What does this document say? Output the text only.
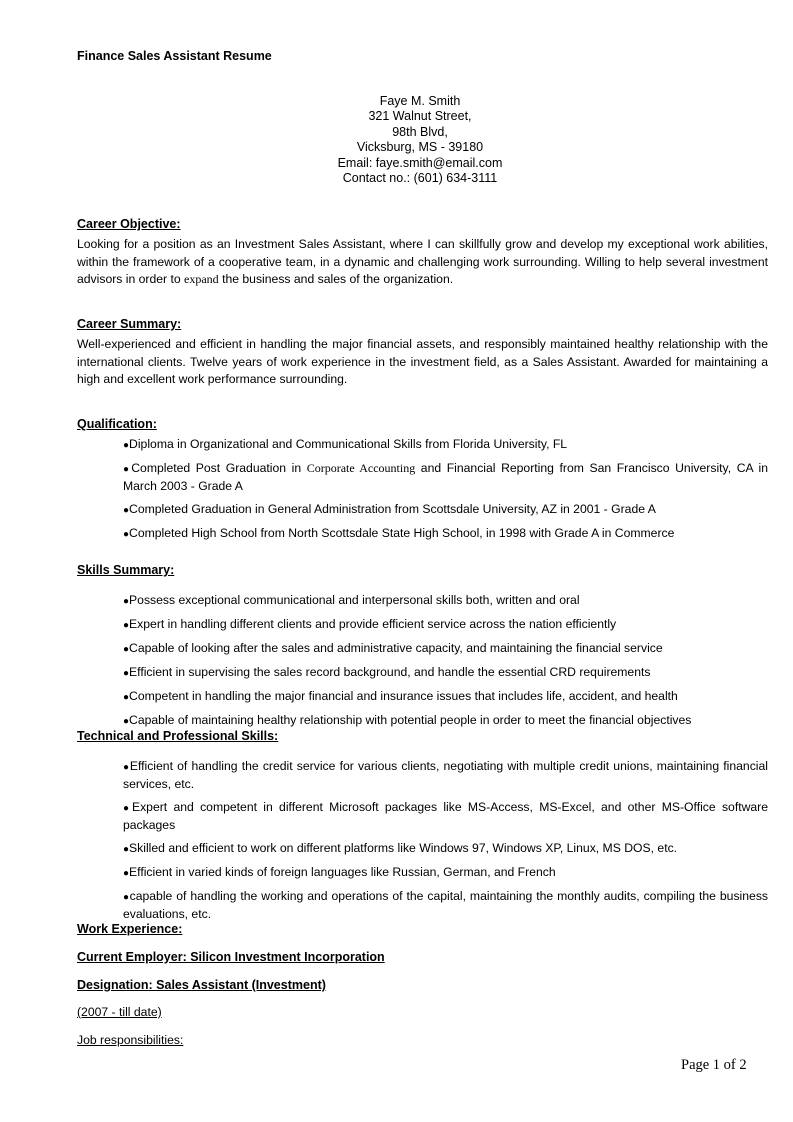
Finance Sales Assistant Resume
Faye M. Smith
321 Walnut Street,
98th Blvd,
Vicksburg, MS - 39180
Email: faye.smith@email.com
Contact no.: (601) 634-3111
Career Objective:
Looking for a position as an Investment Sales Assistant, where I can skillfully grow and develop my exceptional work abilities, within the framework of a cooperative team, in a dynamic and challenging work surrounding. Willing to help several investment advisors in order to expand the business and sales of the organization.
Career Summary:
Well-experienced and efficient in handling the major financial assets, and responsibly maintained healthy relationship with the international clients. Twelve years of work experience in the investment field, as a Sales Assistant. Awarded for maintaining a high and excellent work performance surrounding.
Qualification:
●Diploma in Organizational and Communicational Skills from Florida University, FL
●Completed Post Graduation in Corporate Accounting and Financial Reporting from San Francisco University, CA in March 2003 - Grade A
●Completed Graduation in General Administration from Scottsdale University, AZ in 2001 - Grade A
●Completed High School from North Scottsdale State High School, in 1998 with Grade A in Commerce
Skills Summary:
●Possess exceptional communicational and interpersonal skills both, written and oral
●Expert in handling different clients and provide efficient service across the nation efficiently
●Capable of looking after the sales and administrative capacity, and maintaining the financial service
●Efficient in supervising the sales record background, and handle the essential CRD requirements
●Competent in handling the major financial and insurance issues that includes life, accident, and health
●Capable of maintaining healthy relationship with potential people in order to meet the financial objectives
Technical and Professional Skills:
●Efficient of handling the credit service for various clients, negotiating with multiple credit unions, maintaining financial services, etc.
●Expert and competent in different Microsoft packages like MS-Access, MS-Excel, and other MS-Office software packages
●Skilled and efficient to work on different platforms like Windows 97, Windows XP, Linux, MS DOS, etc.
●Efficient in varied kinds of foreign languages like Russian, German, and French
●capable of handling the working and operations of the capital, maintaining the monthly audits, compiling the business evaluations, etc.
Work Experience:
Current Employer: Silicon Investment Incorporation
Designation: Sales Assistant (Investment)
(2007 - till date)
Job responsibilities:
Page 1 of 2
